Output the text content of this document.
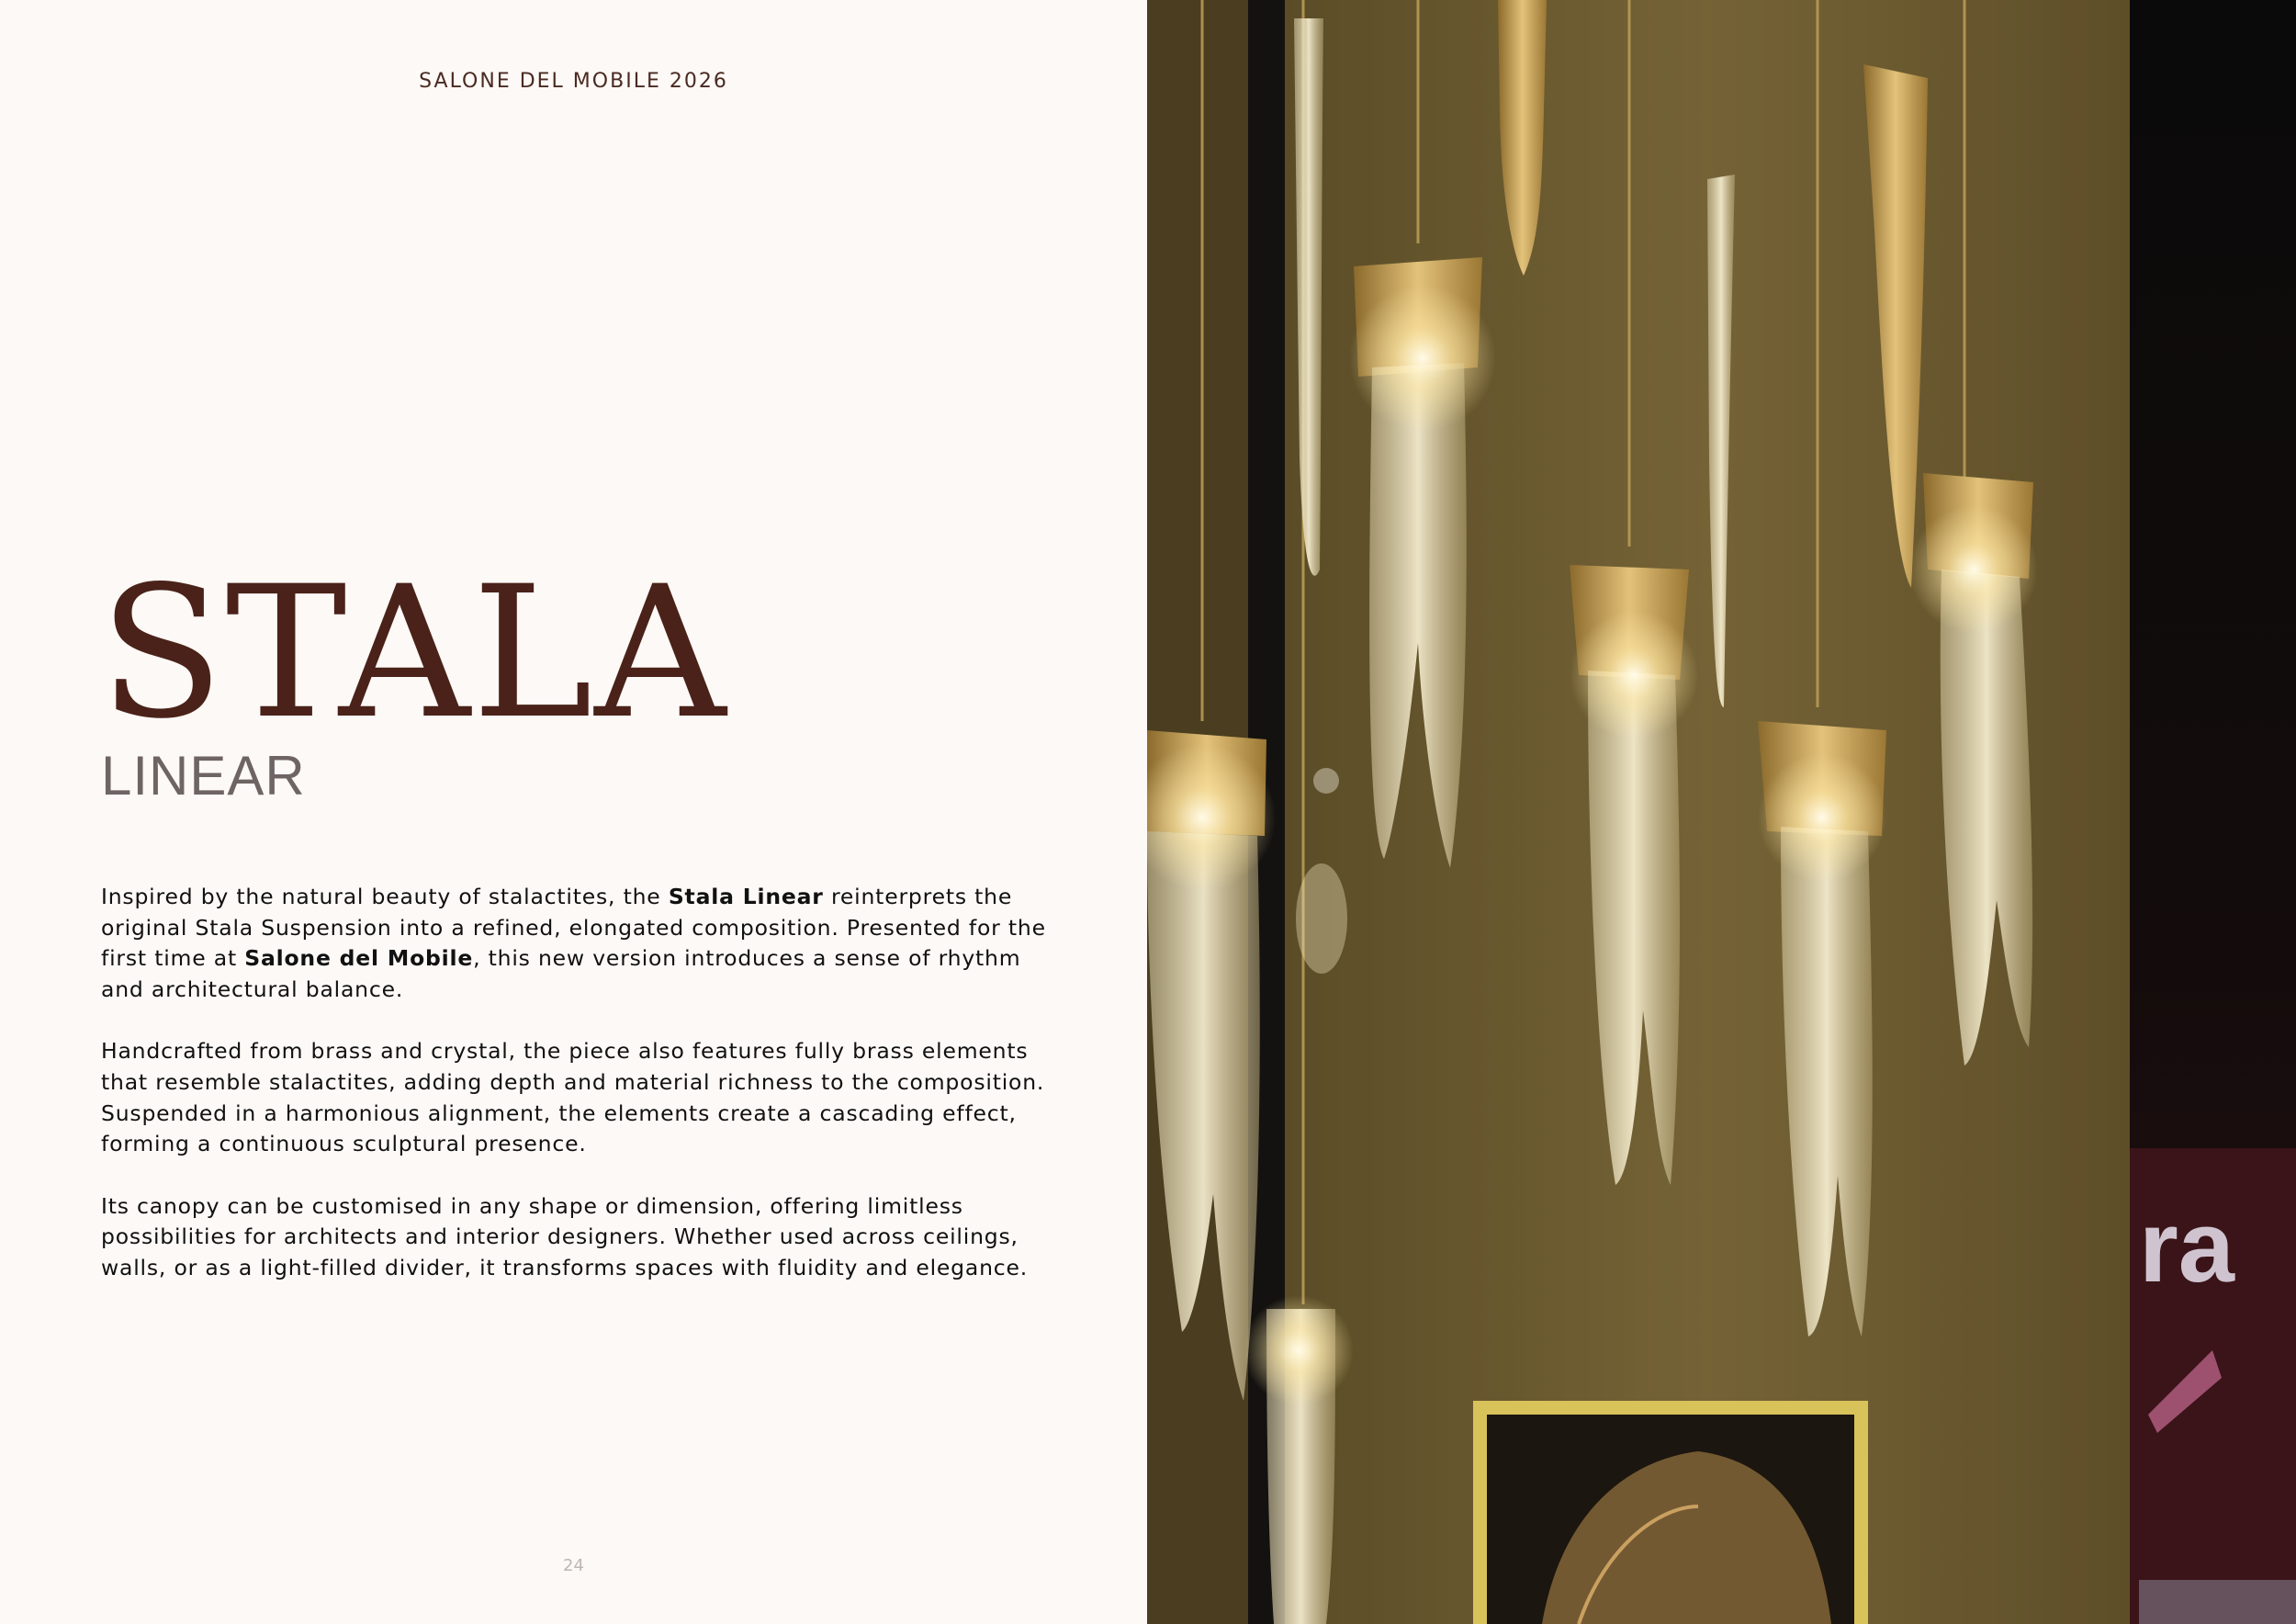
SALONE DEL MOBILE 2026
STALA
LINEAR

Inspired by the natural beauty of stalactites, the Stala Linear reinterprets the original Stala Suspension into a refined, elongated composition. Presented for the first time at Salone del Mobile, this new version introduces a sense of rhythm and architectural balance.

Handcrafted from brass and crystal, the piece also features fully brass elements that resemble stalactites, adding depth and material richness to the composition. Suspended in a harmonious alignment, the elements create a cascading effect, forming a continuous sculptural presence.

Its canopy can be customised in any shape or dimension, offering limitless possibilities for architects and interior designers. Whether used across ceilings, walls, or as a light-filled divider, it transforms spaces with fluidity and elegance.

24
ra
